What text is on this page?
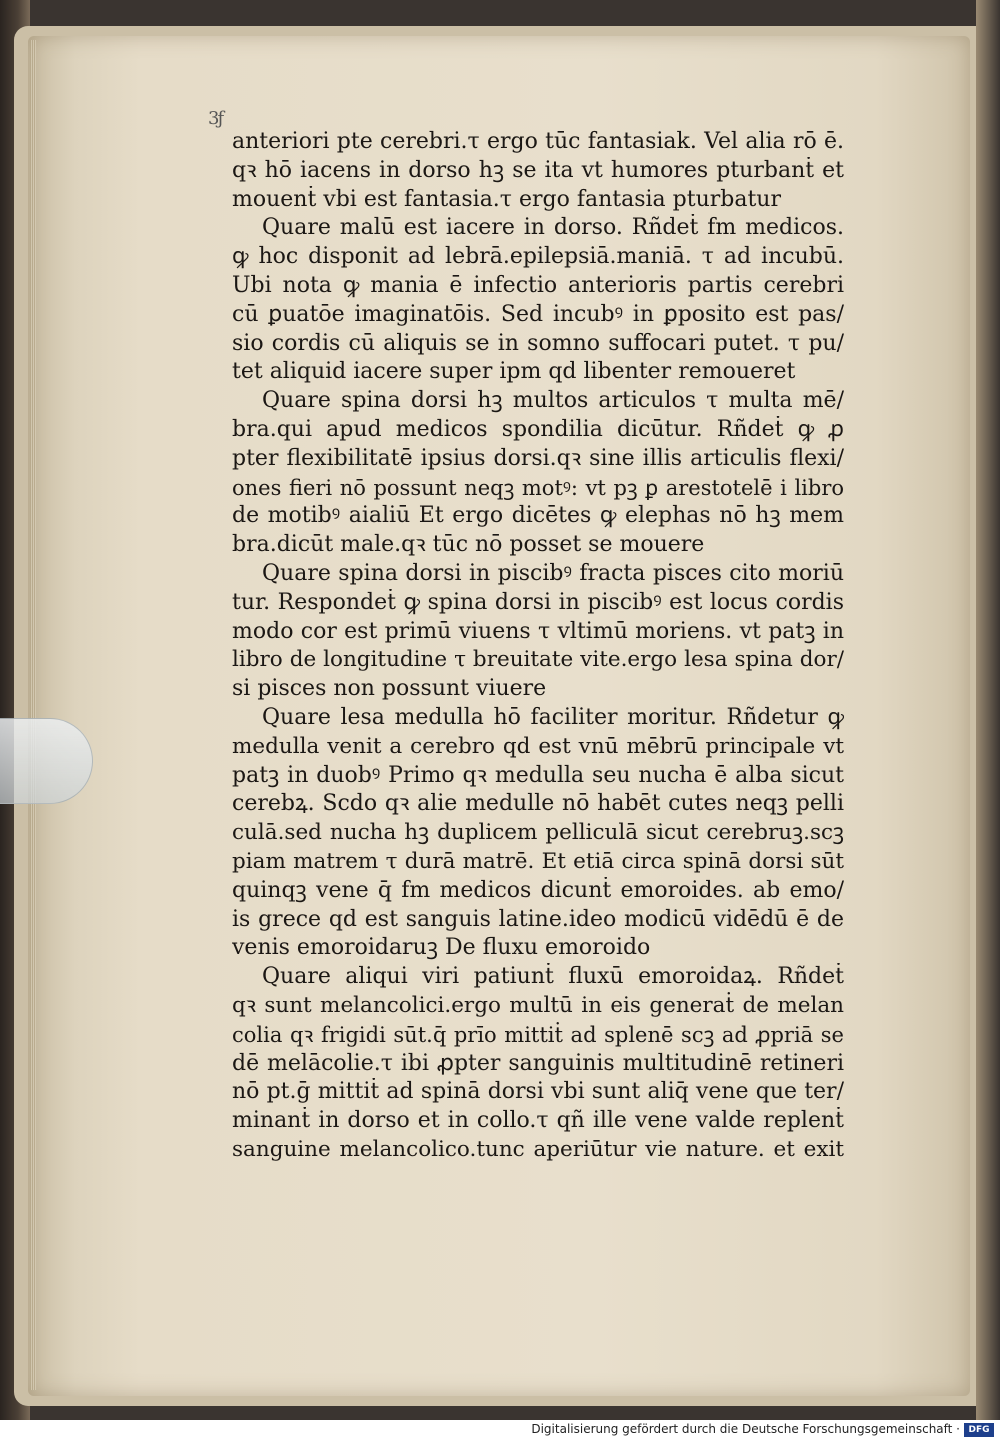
3ƒ
anteriori pte cerebri.τ ergo tūc fantasiak. Vel alia rō ē.
qꝛ hō iacens in dorso hꝫ se ita vt humores pturbanṫ et
mouenṫ vbi est fantasia.τ ergo fantasia pturbatur
Quare malū est iacere in dorso. Rñdeṫ fm medicos.
ꝙ hoc disponit ad lebrā.epilepsiā.maniā. τ ad incubū.
Ubi nota ꝙ mania ē infectio anterioris partis cerebri
cū ꝑuatōe imaginatōis. Sed incubꝰ in ꝑposito est pas/
sio cordis cū aliquis se in somno suffocari putet. τ pu/
tet aliquid iacere super ipm qd libenter remoueret
Quare spina dorsi hꝫ multos articulos τ multa mē/
bra.qui apud medicos spondilia dicūtur. Rñdeṫ ꝙ ꝓ
pter flexibilitatē ipsius dorsi.qꝛ sine illis articulis flexi/
ones fieri nō possunt neqꝫ motꝰ: vt pꝫ ꝑ arestotelē i libro
de motibꝰ aialiū Et ergo dicētes ꝙ elephas nō hꝫ mem
bra.dicūt male.qꝛ tūc nō posset se mouere
Quare spina dorsi in piscibꝰ fracta pisces cito moriū
tur. Respondeṫ ꝙ spina dorsi in piscibꝰ est locus cordis
modo cor est primū viuens τ vltimū moriens. vt patꝫ in
libro de longitudine τ breuitate vite.ergo lesa spina dor/
si pisces non possunt viuere
Quare lesa medulla hō faciliter moritur. Rñdetur ꝙ
medulla venit a cerebro qd est vnū mēbrū principale vt
patꝫ in duobꝰ Primo qꝛ medulla seu nucha ē alba sicut
cerebꝝ. Scdo qꝛ alie medulle nō habēt cutes neqꝫ pelli
culā.sed nucha hꝫ duplicem pelliculā sicut cerebruꝫ.scꝫ
piam matrem τ durā matrē. Et etiā circa spinā dorsi sūt
quinqꝫ vene q̄ fm medicos dicunṫ emoroides. ab emo/
is grece qd est sanguis latine.ideo modicū vidēdū ē de
venis emoroidaruꝫ De fluxu emoroido
Quare aliqui viri patiunṫ fluxū emoroidaꝝ. Rñdeṫ
qꝛ sunt melancolici.ergo multū in eis generaṫ de melan
colia qꝛ frigidi sūt.q̄ prīo mittiṫ ad splenē scꝫ ad ꝓpriā se
dē melācolie.τ ibi ꝓpter sanguinis multitudinē retineri
nō pt.ḡ mittiṫ ad spinā dorsi vbi sunt aliq̄ vene que ter/
minanṫ in dorso et in collo.τ qñ ille vene valde replenṫ
sanguine melancolico.tunc aperiūtur vie nature. et exit
Digitalisierung gefördert durch die Deutsche Forschungsgemeinschaft · DFG
